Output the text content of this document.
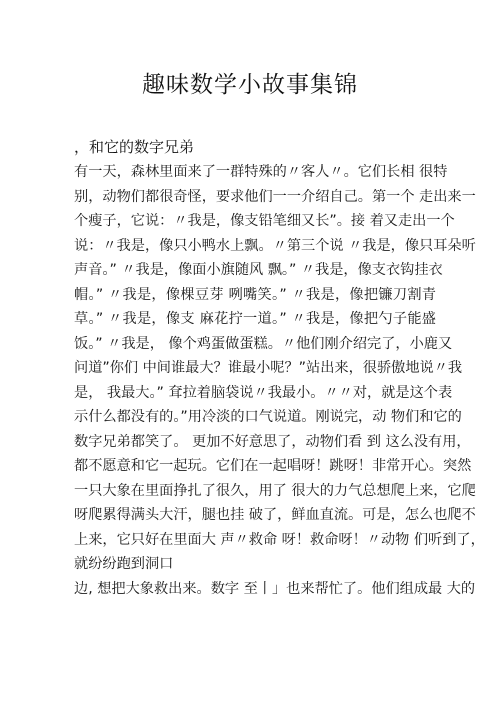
趣味数学小故事集锦
，和它的数字兄弟
有一天，森林里面来了一群特殊的〃客人〃。它们长相 很特
别，动物们都很奇怪，要求他们一一介绍自己。第一个 走出来一
个瘦子，它说：〃我是，像支铅笔细又长”。接 着又走出一个
说：〃我是，像只小鸭水上飘。〃第三个说 〃我是，像只耳朵听
声音。” 〃我是，像面小旗随风 飘。” 〃我是，像支衣钩挂衣
帽。” 〃我是，像棵豆芽 咧嘴笑。” 〃我是，像把镰刀割青
草。” 〃我是，像支 麻花拧一道。” 〃我是，像把勺子能盛
饭。” 〃我是， 像个鸡蛋做蛋糕。〃他们刚介绍完了，小鹿又
问道”你们 中间谁最大？谁最小呢？”站出来，很骄傲地说〃我
是， 我最大。” 耷拉着脑袋说〃我最小。〃〃对，就是这个表
示什么都没有的。”用冷淡的口气说道。刚说完，动 物们和它的
数字兄弟都笑了。 更加不好意思了，动物们看 到 这么没有用，
都不愿意和它一起玩。它们在一起唱呀！跳呀！非常开心。突然
一只大象在里面挣扎了很久，用了 很大的力气总想爬上来，它爬
呀爬累得满头大汗，腿也挂 破了，鲜血直流。可是，怎么也爬不
上来，它只好在里面大 声〃救命 呀！救命呀！〃动物 们听到了，
就纷纷跑到洞口
边, 想把大象救出来。数字 至丨」也来帮忙了。他们组成最 大的
